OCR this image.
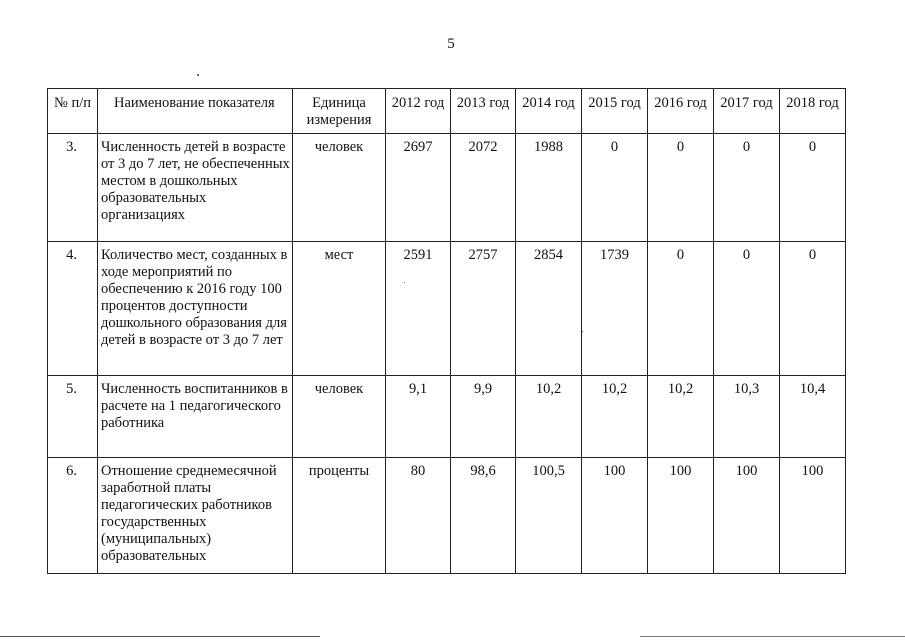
5
№ п/п	Наименование показателя	Единица измерения	2012 год	2013 год	2014 год	2015 год	2016 год	2017 год	2018 год

3.	Численность детей в возрасте от 3 до 7 лет, не обеспеченных местом в дошкольных образовательных организациях	человек	2697	2072	1988	0	0	0	0

4.	Количество мест, созданных в ходе мероприятий по обеспечению к 2016 году 100 процентов доступности дошкольного образования для детей в возрасте от 3 до 7 лет	мест	2591	2757	2854	1739	0	0	0

5.	Численность воспитанников в расчете на 1 педагогического работника	человек	9,1	9,9	10,2	10,2	10,2	10,3	10,4

6.	Отношение среднемесячной заработной платы педагогических работников государственных (муниципальных) образовательных	проценты	80	98,6	100,5	100	100	100	100
